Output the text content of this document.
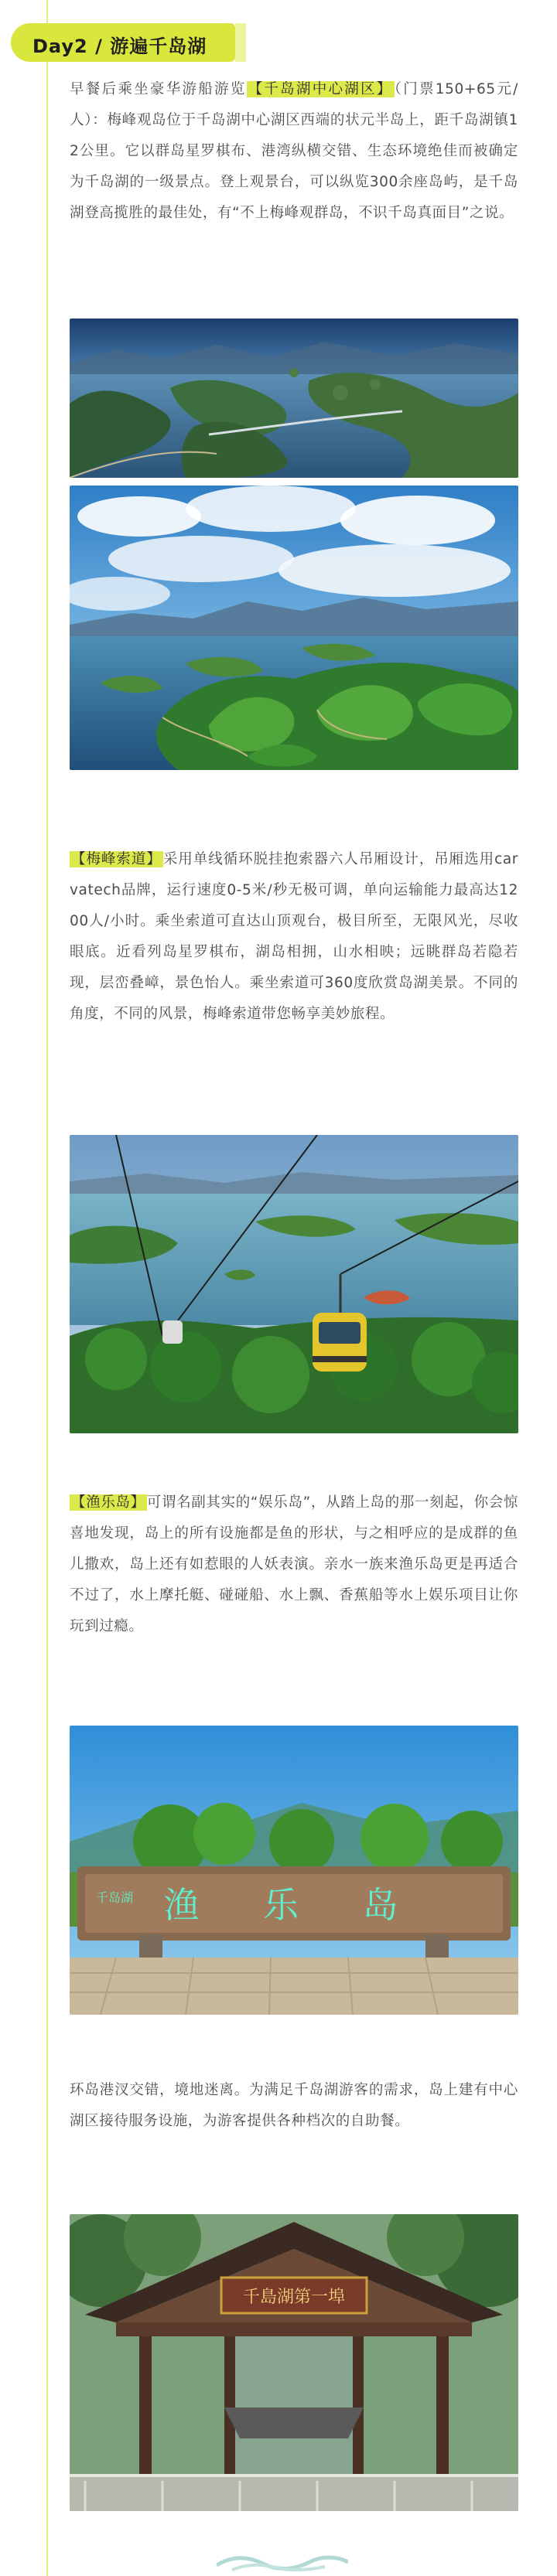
Day2 / 游遍千岛湖
早餐后乘坐豪华游船游览 【千岛湖中心湖区】 （门票150+65元/人）：梅峰观岛位于千岛湖中心湖区西端的状元半岛上，距千岛湖镇12公里。它以群岛星罗棋布、港湾纵横交错、生态环境绝佳而被确定为千岛湖的一级景点。登上观景台，可以纵览300余座岛屿，是千岛湖登高揽胜的最佳处，有“不上梅峰观群岛，不识千岛真面目”之说。
【梅峰索道】 采用单线循环脱挂抱索器六人吊厢设计，吊厢选用carvatech品牌，运行速度0-5米/秒无极可调，单向运输能力最高达1200人/小时。乘坐索道可直达山顶观台，极目所至，无限风光，尽收眼底。近看列岛星罗棋布，湖岛相拥，山水相映；远眺群岛若隐若现，层峦叠嶂，景色怡人。乘坐索道可360度欣赏岛湖美景。不同的角度，不同的风景，梅峰索道带您畅享美妙旅程。
【渔乐岛】 可谓名副其实的“娱乐岛”，从踏上岛的那一刻起，你会惊喜地发现，岛上的所有设施都是鱼的形状，与之相呼应的是成群的鱼儿撒欢，岛上还有如惹眼的人妖表演。亲水一族来渔乐岛更是再适合不过了，水上摩托艇、碰碰船、水上飘、香蕉船等水上娱乐项目让你玩到过瘾。
渔 乐 岛
千岛湖
环岛港汊交错，境地迷离。为满足千岛湖游客的需求，岛上建有中心湖区接待服务设施，为游客提供各种档次的自助餐。
千島湖第一埠
